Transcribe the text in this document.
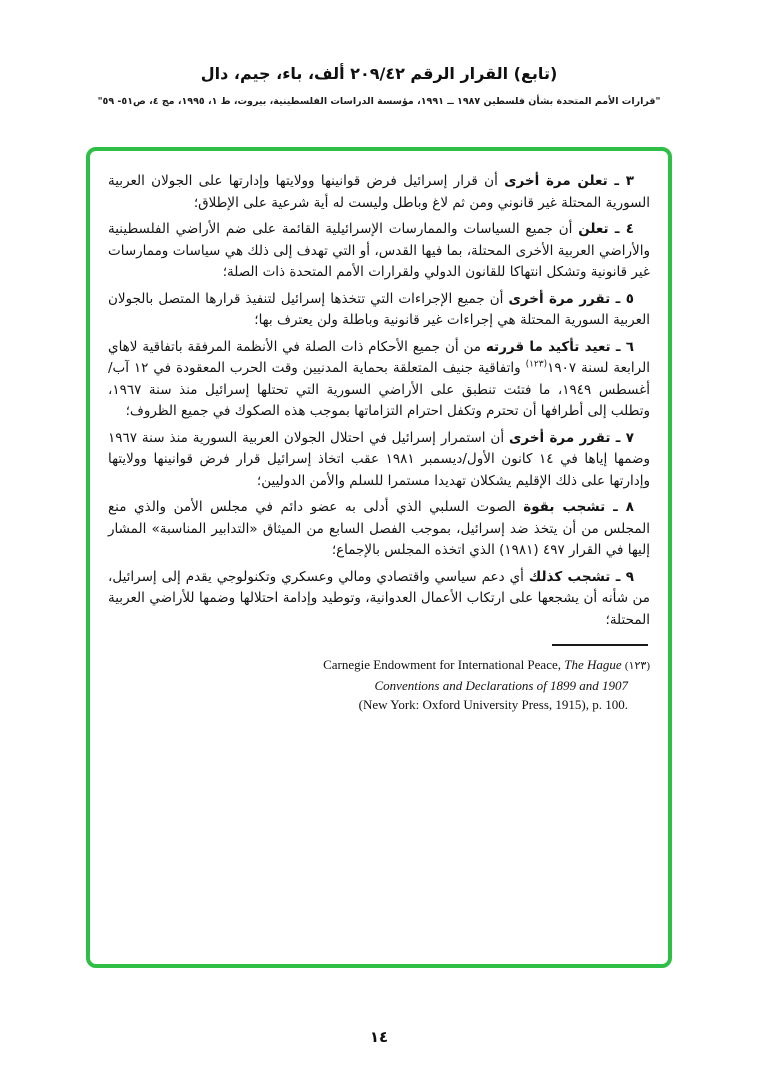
(تابع) القرار الرقم ٢٠٩/٤٢ ألف، باء، جيم، دال
"قرارات الأمم المتحدة بشأن فلسطين ١٩٨٧ ــ ١٩٩١، مؤسسة الدراسات الفلسطينية، بيروت، ط ١، ١٩٩٥، مج ٤، ص٥١- ٥٩"

٣ ـ تعلن مرة أخرى أن قرار إسرائيل فرض قوانينها وولايتها وإدارتها على الجولان العربية السورية المحتلة غير قانوني ومن ثم لاغ وباطل وليست له أية شرعية على الإطلاق؛

٤ ـ تعلن أن جميع السياسات والممارسات الإسرائيلية القائمة على ضم الأراضي الفلسطينية والأراضي العربية الأخرى المحتلة، بما فيها القدس، أو التي تهدف إلى ذلك هي سياسات وممارسات غير قانونية وتشكل انتهاكا للقانون الدولي ولقرارات الأمم المتحدة ذات الصلة؛

٥ ـ تقرر مرة أخرى أن جميع الإجراءات التي تتخذها إسرائيل لتنفيذ قرارها المتصل بالجولان العربية السورية المحتلة هي إجراءات غير قانونية وباطلة ولن يعترف بها؛

٦ ـ تعيد تأكيد ما قررته من أن جميع الأحكام ذات الصلة في الأنظمة المرفقة باتفاقية لاهاي الرابعة لسنة ١٩٠٧$^{(١٢٣)}$ واتفاقية جنيف المتعلقة بحماية المدنيين وقت الحرب المعقودة في ١٢ آب/أغسطس ١٩٤٩، ما فتئت تنطبق على الأراضي السورية التي تحتلها إسرائيل منذ سنة ١٩٦٧، وتطلب إلى أطرافها أن تحترم وتكفل احترام التزاماتها بموجب هذه الصكوك في جميع الظروف؛

٧ ـ تقرر مرة أخرى أن استمرار إسرائيل في احتلال الجولان العربية السورية منذ سنة ١٩٦٧ وضمها إياها في ١٤ كانون الأول/ديسمبر ١٩٨١ عقب اتخاذ إسرائيل قرار فرض قوانينها وولايتها وإدارتها على ذلك الإقليم يشكلان تهديدا مستمرا للسلم والأمن الدوليين؛

٨ ـ تشجب بقوة الصوت السلبي الذي أدلى به عضو دائم في مجلس الأمن والذي منع المجلس من أن يتخذ ضد إسرائيل، بموجب الفصل السابع من الميثاق «التدابير المناسبة» المشار إليها في القرار ٤٩٧ (١٩٨١) الذي اتخذه المجلس بالإجماع؛

٩ ـ تشجب كذلك أي دعم سياسي واقتصادي ومالي وعسكري وتكنولوجي يقدم إلى إسرائيل، من شأنه أن يشجعها على ارتكاب الأعمال العدوانية، وتوطيد وإدامة احتلالها وضمها للأراضي العربية المحتلة؛

(١٢٣) Carnegie Endowment for International Peace, The Hague

Conventions and Declarations of 1899 and 1907

(New York: Oxford University Press, 1915), p. 100.

١٤
